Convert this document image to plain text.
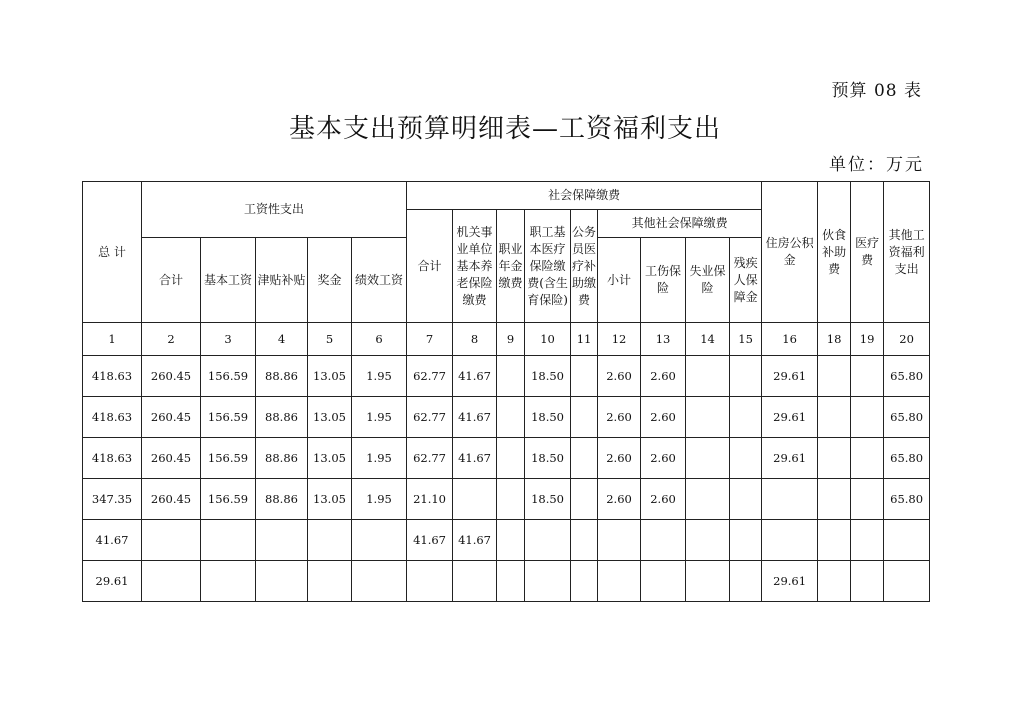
预算 08 表
基本支出预算明细表—工资福利支出
单位：万元
总 计	工资性支出					社会保障缴费									住房公积金	伙食补助费	医疗费	其他工资福利支出
						合计	机关事业单位基本养老保险缴费	职业年金缴费	职工基本医疗保险缴费(含生育保险)	公务员医疗补助缴费	其他社会保障缴费							
	合计	基本工资	津贴补贴	奖金	绩效工资						小计	工伤保险	失业保险	残疾人保障金				
1	2	3	4	5	6	7	8	9	10	11	12	13	14	15	16	18	19	20
418.63	260.45	156.59	88.86	13.05	1.95	62.77	41.67		18.50		2.60	2.60			29.61			65.80
418.63	260.45	156.59	88.86	13.05	1.95	62.77	41.67		18.50		2.60	2.60			29.61			65.80
418.63	260.45	156.59	88.86	13.05	1.95	62.77	41.67		18.50		2.60	2.60			29.61			65.80
347.35	260.45	156.59	88.86	13.05	1.95	21.10			18.50		2.60	2.60						65.80
41.67						41.67	41.67											
29.61															29.61			
